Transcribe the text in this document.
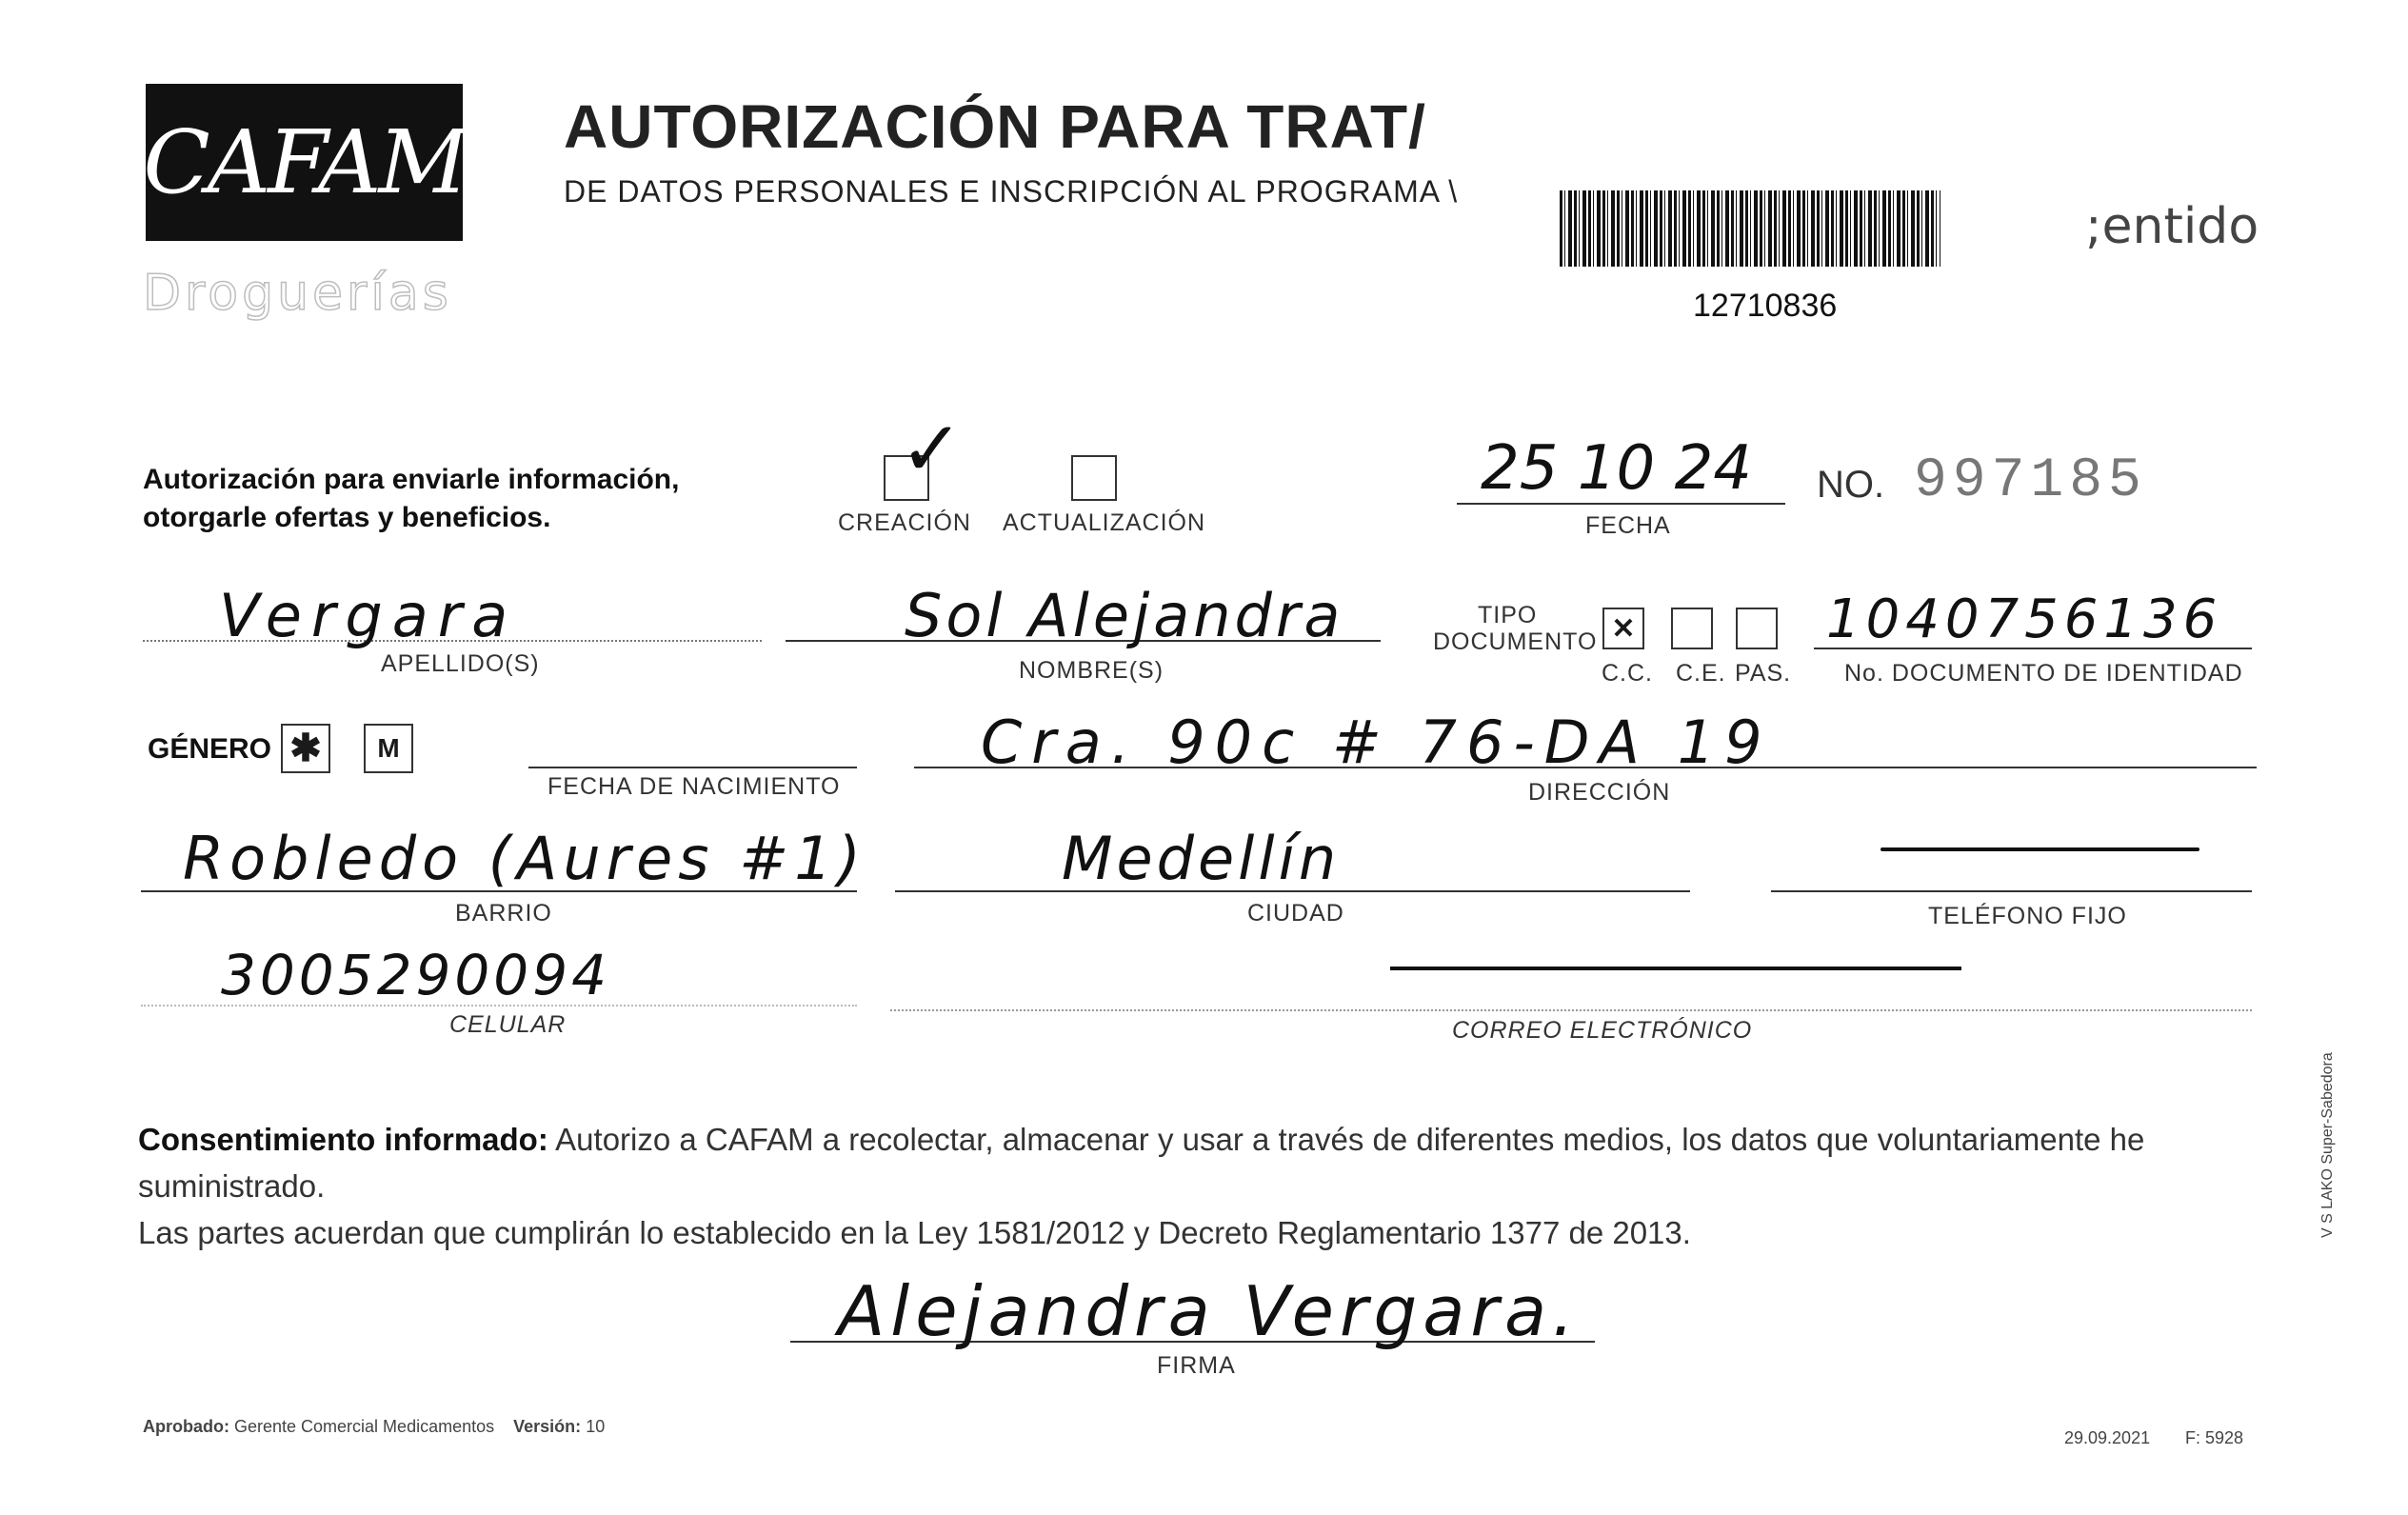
CAFAM
Droguerías
AUTORIZACIÓN PARA TRAT/
DE DATOS PERSONALES E INSCRIPCIÓN AL PROGRAMA \
12710836
;entido
Autorización para enviarle información,
otorgarle ofertas y beneficios.
✓
CREACIÓN ACTUALIZACIÓN
25 10 24
FECHA
NO. 997185
Vergara
APELLIDO(S)
Sol Alejandra
NOMBRE(S)
TIPO
DOCUMENTO ✕
C.C. C.E. PAS.
1040756136
No. DOCUMENTO DE IDENTIDAD
GÉNERO ✱ M
FECHA DE NACIMIENTO
Cra. 90c # 76-DA 19
DIRECCIÓN
Robledo (Aures #1)
BARRIO
Medellín
CIUDAD	TELÉFONO FIJO
3005290094
CELULAR	CORREO ELECTRÓNICO
Consentimiento informado: Autorizo a CAFAM a recolectar, almacenar y usar a través de diferentes medios, los datos que voluntariamente he suministrado.
Las partes acuerdan que cumplirán lo establecido en la Ley 1581/2012 y Decreto Reglamentario 1377 de 2013.
Alejandra Vergara.
FIRMA
Aprobado: Gerente Comercial Medicamentos Versión: 10
29.09.2021 F: 5928
V S LAKO Super-Sabedora
